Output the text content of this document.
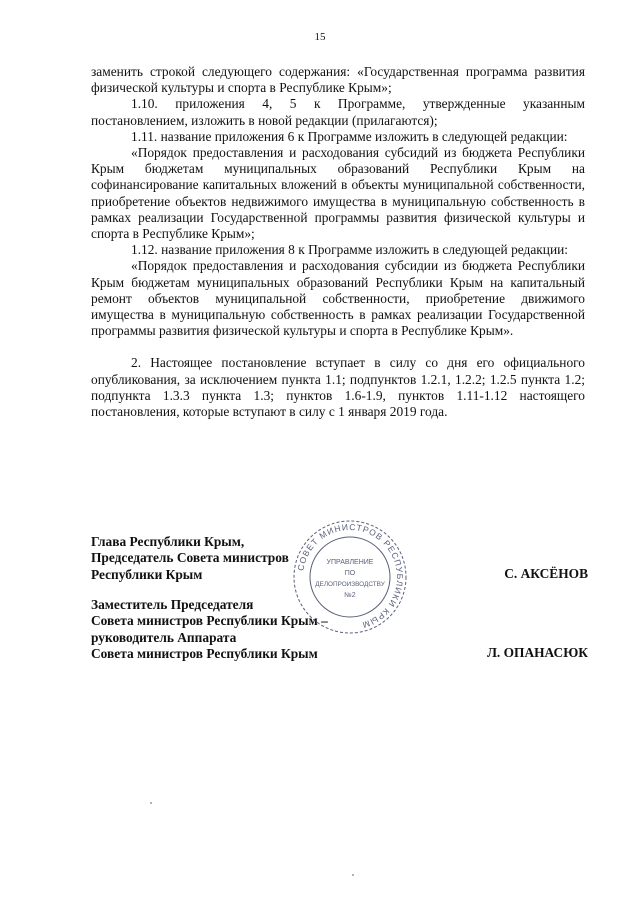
15

заменить строкой следующего содержания: «Государственная программа развития физической культуры и спорта в Республике Крым»;

1.10. приложения 4, 5 к Программе, утвержденные указанным постановлением, изложить в новой редакции (прилагаются);

1.11. название приложения 6 к Программе изложить в следующей редакции:

«Порядок предоставления и расходования субсидий из бюджета Республики Крым бюджетам муниципальных образований Республики Крым на софинансирование капитальных вложений в объекты муниципальной собственности, приобретение объектов недвижимого имущества в муниципальную собственность в рамках реализации Государственной программы развития физической культуры и спорта в Республике Крым»;

1.12. название приложения 8 к Программе изложить в следующей редакции:

«Порядок предоставления и расходования субсидии из бюджета Республики Крым бюджетам муниципальных образований Республики Крым на капитальный ремонт объектов муниципальной собственности, приобретение движимого имущества в муниципальную собственность в рамках реализации Государственной программы развития физической культуры и спорта в Республике Крым».

2. Настоящее постановление вступает в силу со дня его официального опубликования, за исключением пункта 1.1; подпунктов 1.2.1, 1.2.2; 1.2.5 пункта 1.2; подпункта 1.3.3 пункта 1.3; пунктов 1.6-1.9, пунктов 1.11-1.12 настоящего постановления, которые вступают в силу с 1 января 2019 года.

Глава Республики Крым,
Председатель Совета министров
Республики Крым	С. АКСЁНОВ
Заместитель Председателя
Совета министров Республики Крым –
руководитель Аппарата
Совета министров Республики Крым	Л. ОПАНАСЮК
СОВЕТ МИНИСТРОВ РЕСПУБЛИКИ КРЫМ
УПРАВЛЕНИЕ
ПО
ДЕЛОПРОИЗВОДСТВУ
№2
